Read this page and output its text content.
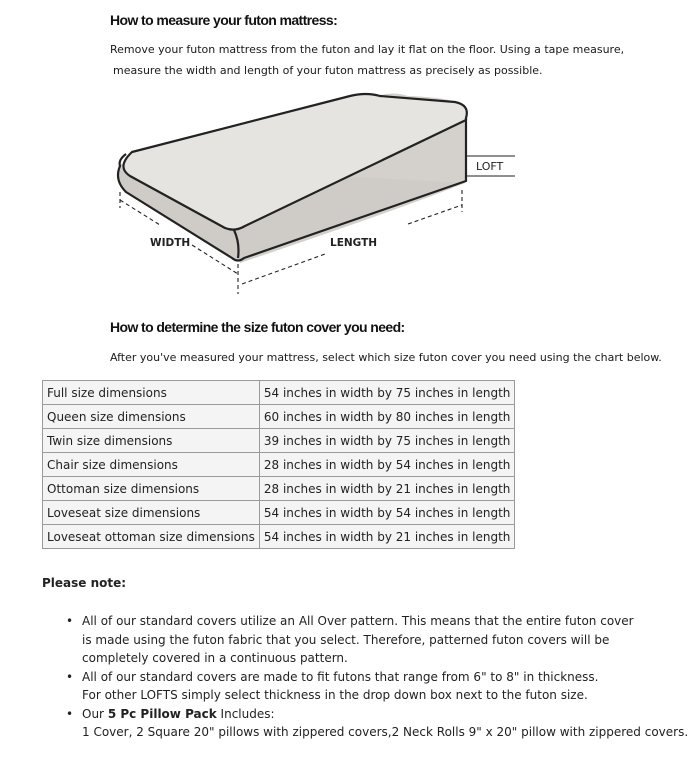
How to measure your futon mattress:
Remove your futon mattress from the futon and lay it flat on the floor. Using a tape measure,
measure the width and length of your futon mattress as precisely as possible.
WIDTH	LENGTH
LOFT
How to determine the size futon cover you need:
After you've measured your mattress, select which size futon cover you need using the chart below.
Full size dimensions	54 inches in width by 75 inches in length
Queen size dimensions	60 inches in width by 80 inches in length
Twin size dimensions	39 inches in width by 75 inches in length
Chair size dimensions	28 inches in width by 54 inches in length
Ottoman size dimensions	28 inches in width by 21 inches in length
Loveseat size dimensions	54 inches in width by 54 inches in length
Loveseat ottoman size dimensions	54 inches in width by 21 inches in length
Please note:
• All of our standard covers utilize an All Over pattern. This means that the entire futon cover
is made using the futon fabric that you select. Therefore, patterned futon covers will be
completely covered in a continuous pattern.
• All of our standard covers are made to fit futons that range from 6" to 8" in thickness.
For other LOFTS simply select thickness in the drop down box next to the futon size.
• Our 5 Pc Pillow Pack Includes:
1 Cover, 2 Square 20" pillows with zippered covers,2 Neck Rolls 9" x 20" pillow with zippered covers.
